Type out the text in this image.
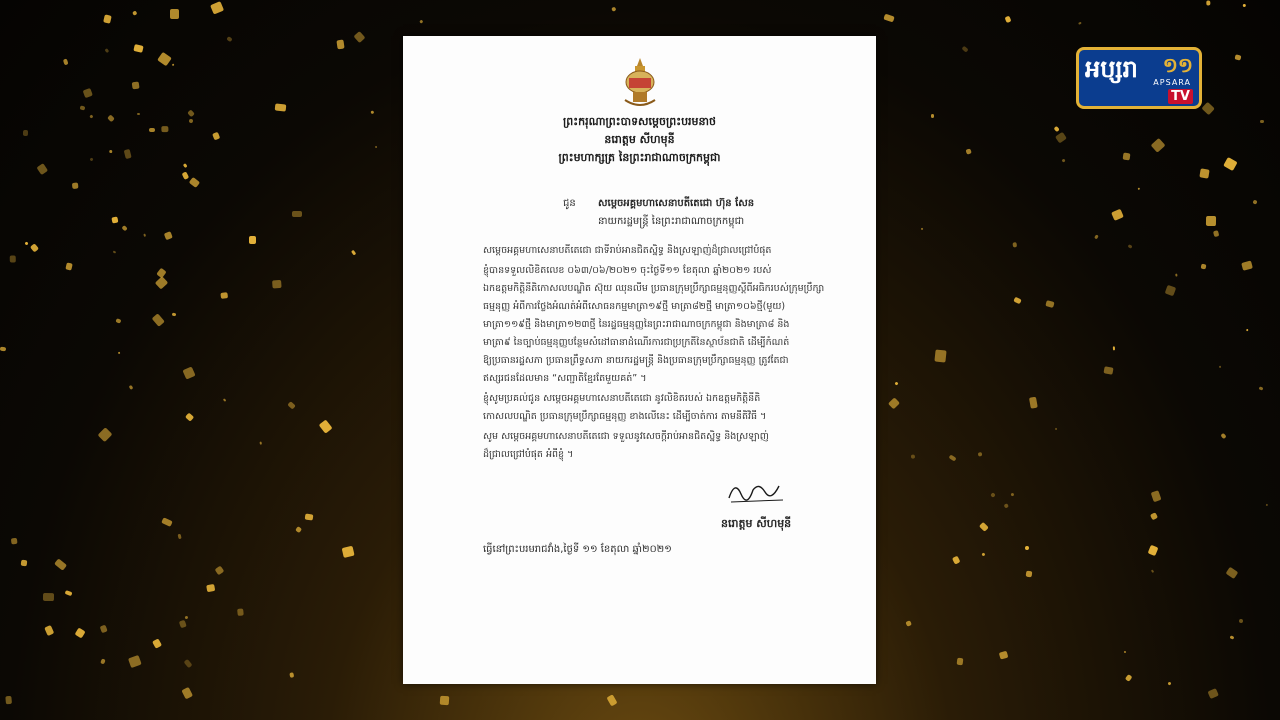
អប្សរា ១១
APSARA
TV
ព្រះករុណាព្រះបាទសម្តេចព្រះបរមនាថ
នរោត្តម សីហមុនី
ព្រះមហាក្សត្រ នៃព្រះរាជាណាចក្រកម្ពុជា
ជូន សម្តេចអគ្គមហាសេនាបតីតេជោ ហ៊ុន សែន
នាយករដ្ឋមន្ត្រី នៃព្រះរាជាណាចក្រកម្ពុជា
សម្តេចអគ្គមហាសេនាបតីតេជោ ជាទីរាប់អានជិតស្និទ្ធ និងស្រឡាញ់ដ៏ជ្រាលជ្រៅបំផុត
ខ្ញុំបានទទួលលិខិតលេខ ០៦៣/០៦/២០២១ ចុះថ្ងៃទី១១ ខែតុលា ឆ្នាំ២០២១ របស់
ឯកឧត្តមកិត្តិនីតិកោសលបណ្ឌិត ស៊ុយ ឈុនលីម ប្រធានក្រុមប្រឹក្សាធម្មនុញ្ញស្តីពីអធិករបស់ក្រុមប្រឹក្សា
ធម្មនុញ្ញ អំពីការថ្លែងអំណត់អំពីសោធនកម្មមាត្រា១៩ថ្មី មាត្រា៨២ថ្មី មាត្រា១០៦ថ្មី(មួយ)
មាត្រា១១៩ថ្មី និងមាត្រា១២៣ថ្មី នៃរដ្ឋធម្មនុញ្ញនៃព្រះរាជាណាចក្រកម្ពុជា និងមាត្រា៨ និង
មាត្រា៩ នៃច្បាប់ធម្មនុញ្ញបន្ថែមសំដៅធានាដំណើរការជាប្រក្រតីនៃស្ថាប័នជាតិ ដើម្បីកំណត់
ឱ្យប្រធានរដ្ឋសភា ប្រធានព្រឹទ្ធសភា នាយករដ្ឋមន្ត្រី និងប្រធានក្រុមប្រឹក្សាធម្មនុញ្ញ ត្រូវតែជា
ឥស្សរជនដែលមាន “សញ្ជាតិខ្មែរតែមួយគត់” ។
ខ្ញុំសូមប្រគល់ជូន សម្តេចអគ្គមហាសេនាបតីតេជោ នូវលិខិតរបស់ ឯកឧត្តមកិត្តិនីតិ
កោសលបណ្ឌិត ប្រធានក្រុមប្រឹក្សាធម្មនុញ្ញ ខាងលើនេះ ដើម្បីចាត់ការ តាមនីតិវិធី ។
សូម សម្តេចអគ្គមហាសេនាបតីតេជោ ទទួលនូវសេចក្តីរាប់អានជិតស្និទ្ធ និងស្រឡាញ់
ដ៏ជ្រាលជ្រៅបំផុត អំពីខ្ញុំ ។
នរោត្តម សីហមុនី
ធ្វើនៅព្រះបរមរាជវាំង,ថ្ងៃទី ១១ ខែតុលា ឆ្នាំ២០២១
